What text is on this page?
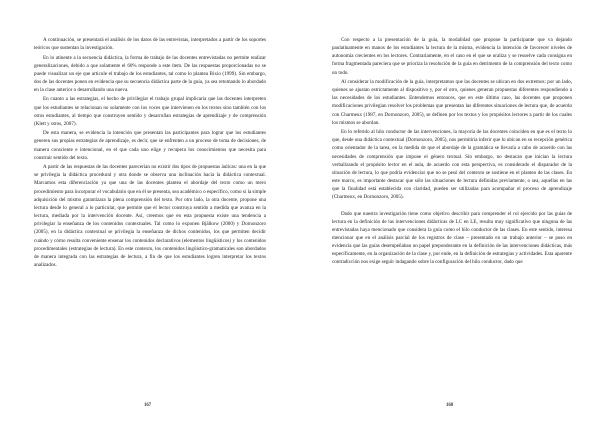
A continuación, se presentará el análisis de los datos de las entrevistas, interpretados a partir de los soportes teóricos que sustentan la investigación.

En lo atinente a la secuencia didáctica, la forma de trabajo de las docentes entrevistadas no permite realizar generalizaciones, debido a que solamente el 60% responde a este ítem. De las respuestas proporcionadas no se puede visualizar un eje que articule el trabajo de los estudiantes, tal como lo plantea Bixio (1999). Sin embargo, dos de las docentes ponen en evidencia que su secuencia didáctica parte de la guía, ya sea retomando lo abordado en la clase anterior o desarrollando una nueva.

En cuanto a las estrategias, el hecho de privilegiar el trabajo grupal implicaría que las docentes interpreten que los estudiantes se relacionan no solamente con los voces que intervienen en los textos sino también con los otros estudiantes, al tiempo que construyen sentido y desarrollan estrategias de aprendizaje y de comprensión (Klett y otros, 2007).

De esta manera, se evidencia la intención que presentan las participantes para lograr que los estudiantes generen sus propias estrategias de aprendizaje, es decir, que se enfrenten a un proceso de toma de decisiones, de manera consciente e intencional, en el que cada uno elige y recupera los conocimientos que necesita para construir sentido del texto.

A partir de las respuestas de las docentes parecerían no existir dos tipos de propuestas áulicas: una en la que se privilegia la didáctica procedural y otra donde se observa una inclinación hacia la didáctica contextual. Marcamos esta diferenciación ya que una de las docentes plantea el abordaje del texto como un mero procedimiento para incorporar el vocabulario que en él se presenta, sea académico o específico, como si la simple adquisición del mismo garantizara la plena comprensión del texto. Por otro lado, la otra docente, propone una lectura desde lo general a lo particular, que permite que el lector construya sentido a medida que avanza en la lectura, mediada por la intervención docente. Así, creemos que en esta propuesta existe una tendencia a privilegiar la enseñanza de los contenidos contextuales. Tal como lo exponen Bjälkow (2000) y Dornonzoro (2005), en la didáctica contextual se privilegia la enseñanza de dichos contenidos, los que permiten decidir cuándo y cómo resulta conveniente ensenar los contenidos declarativos (elementos lingüísticos) y los contenidos procedimentales (estrategias de lectura). En este contexto, los contenidos lingüístico-gramaticales son abordados de manera integrada con las estrategias de lectura, a fin de que los estudiantes logren interpretar los textos analizados.

167

Con respecto a la presentación de la guía, la modalidad que propone la participante que va dejando paulatinamente en manos de los estudiantes la lectura de la misma, evidencia la intención de favorecer niveles de autonomía crecientes en los lectores. Contrariamente, en el caso en el que se oraliza y se resuelve cada consigna en forma fragmentada pareciera que se prioriza la resolución de la guía en detrimento de la comprensión del texto como un todo.

Al considerar la modificación de la guía, interpretamos que las docentes se ubican en dos extremos: por un lado, quienes se ajustan estrictamente al dispositivo y, por el otro, quienes generan propuestas diferentes respondiendo a las necesidades de los estudiantes. Entendemos entonces, que en este último caso, las docentes que proponen modificaciones privilegian resolver los problemas que presentan las diferentes situaciones de lectura que, de acuerdo con Charmeux (1987, en Dornonzoro, 2005), se definen por los textos y los propósitos lectores a partir de los cuales los mismos se abordan.

En lo referido al hilo conductor de las intervenciones, la mayoría de las docentes coinciden en que es el texto lo que, desde una didáctica contextual (Dornonzoro, 2005), nos permitiría inferir que lo ubican en su recepción genérica como orientador de la tarea, en la medida de que el abordaje de la gramática se llevaría a cabo de acuerdo con las necesidades de comprensión que impone el género textual. Sin embargo, no destacan que inician la lectura verbalizando el propósito lector en el aula, de acuerdo con esta perspectiva, es considerado el disparador de la situación de lectura, lo que podría evidenciar que no se pesó del contexto se sostiene en el planteo de las clases. En este marco, es importante destacar que sólo las situaciones de lectura definidas previamente, o sea, aquellas en las que la finalidad está establecida con claridad, pueden ser utilizadas para acompañar el proceso de aprendizaje (Charmeux, en Dornonzoro, 2005).

Dado que nuestra investigación tiene como objetivo describir para comprender el rol ejercido por las guías de lectura en la definición de las intervenciones didácticas de LC en LE, resulta muy significativo que ninguna de las entrevistadas haya mencionado que considera la guía como el hilo conductor de las clases. En este sentido, interesa mencionar que en el análisis parcial de los registros de clase – presentado en un trabajo anterior – se puso en evidencia que las guías desempeñaban un papel preponderante en la definición de las intervenciones didácticas, más específicamente, en la organización de la clase y, por ende, en la definición de estrategias y actividades. Esta aparente contradicción nos exige seguir indagando sobre la configuración del hilo conductor, dado que

168
